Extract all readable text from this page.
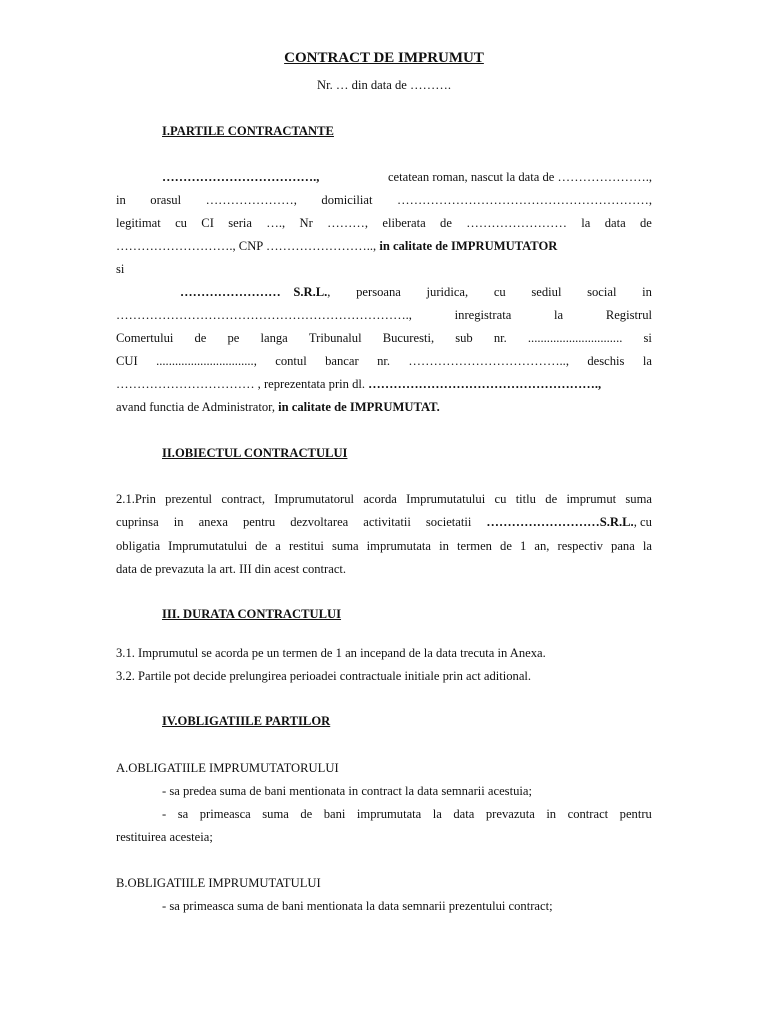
CONTRACT DE IMPRUMUT
Nr. … din data de ……….
I.PARTILE CONTRACTANTE
……………………………….,	cetatean roman, nascut la data de ………………….,
in orasul …………………, domiciliat ……………………………………………………,
legitimat cu CI seria …., Nr ………, eliberata de …………………… la data de
………………………., CNP …………………….., in calitate de IMPRUMUTATOR
si
…………………… S.R.L., persoana juridica, cu sediul social in
…………………………………………………………….,	inregistrata	la	Registrul
Comertului de pe langa Tribunalul Bucuresti, sub nr. .............................. si
CUI ..............................., contul bancar nr. ……………………………….., deschis la
…………………………… , reprezentata prin dl. ……………………………………………….,
avand functia de Administrator, in calitate de IMPRUMUTAT.
II.OBIECTUL CONTRACTULUI
2.1.Prin prezentul contract, Imprumutatorul acorda Imprumutatului cu titlu de imprumut suma
cuprinsa in anexa pentru dezvoltarea activitatii societatii ………………………S.R.L., cu
obligatia Imprumutatului de a restitui suma imprumutata in termen de 1 an, respectiv pana la
data de prevazuta la art. III din acest contract.
III. DURATA CONTRACTULUI
3.1. Imprumutul se acorda pe un termen de 1 an incepand de la data trecuta in Anexa.
3.2. Partile pot decide prelungirea perioadei contractuale initiale prin act aditional.
IV.OBLIGATIILE PARTILOR
A.OBLIGATIILE IMPRUMUTATORULUI
- sa predea suma de bani mentionata in contract la data semnarii acestuia;
- sa primeasca suma de bani imprumutata la data prevazuta in contract pentru
restituirea acesteia;
B.OBLIGATIILE IMPRUMUTATULUI
- sa primeasca suma de bani mentionata la data semnarii prezentului contract;
